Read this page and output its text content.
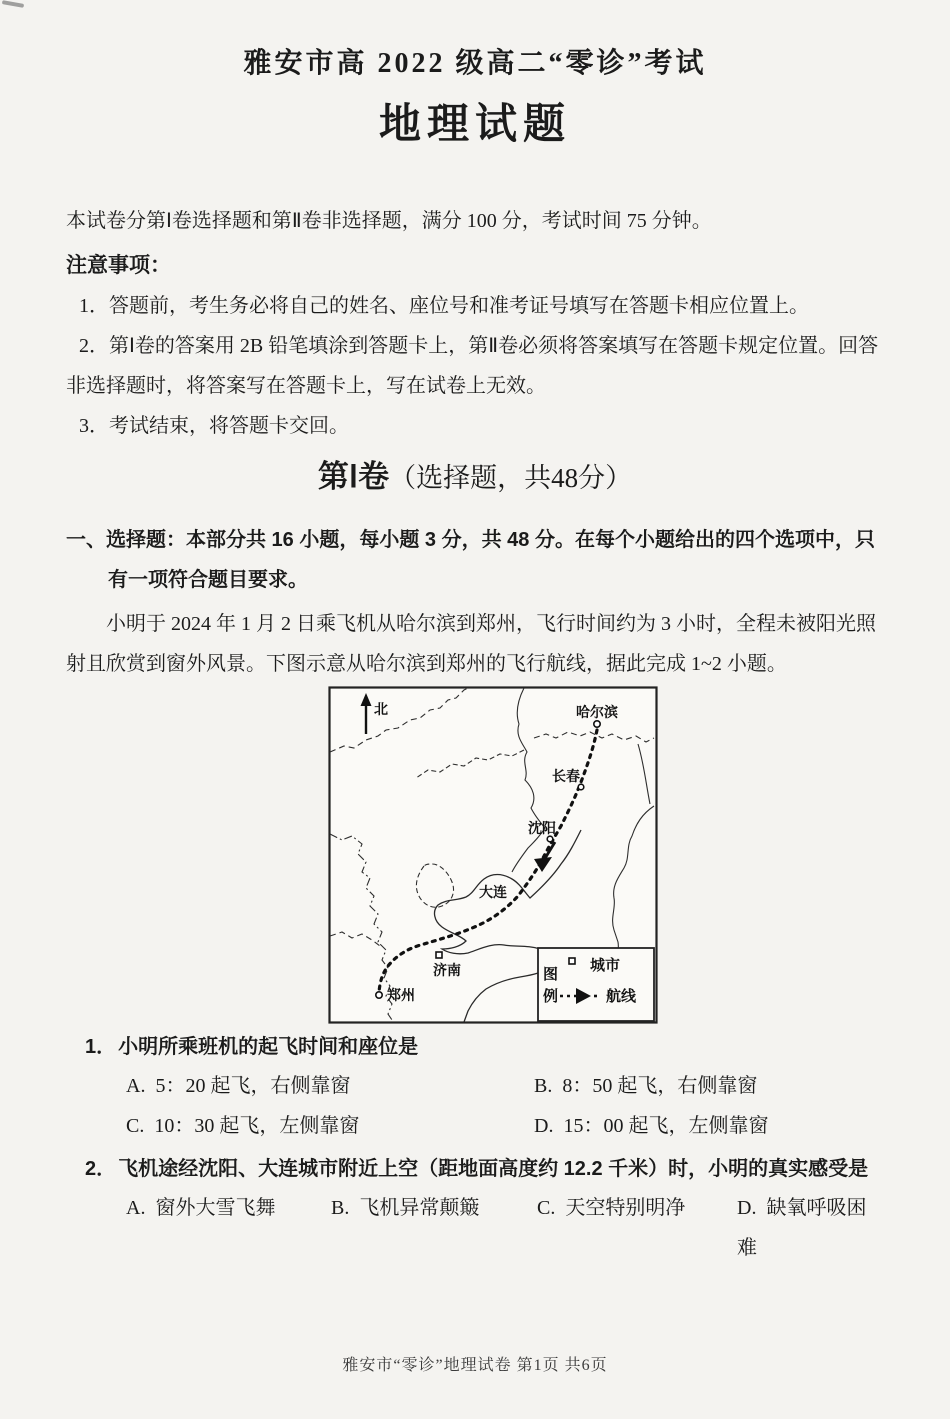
雅安市高 2022 级高二“零诊”考试
地理试题

本试卷分第Ⅰ卷选择题和第Ⅱ卷非选择题，满分 100 分，考试时间 75 分钟。

注意事项：

1．答题前，考生务必将自己的姓名、座位号和准考证号填写在答题卡相应位置上。

2．第Ⅰ卷的答案用 2B 铅笔填涂到答题卡上，第Ⅱ卷必须将答案填写在答题卡规定位置。回答非选择题时，将答案写在答题卡上，写在试卷上无效。

3．考试结束，将答题卡交回。

第Ⅰ卷（选择题，共48分）

一、选择题：本部分共 16 小题，每小题 3 分，共 48 分。在每个小题给出的四个选项中，只有一项符合题目要求。

小明于 2024 年 1 月 2 日乘飞机从哈尔滨到郑州，飞行时间约为 3 小时，全程未被阳光照射且欣赏到窗外风景。下图示意从哈尔滨到郑州的飞行航线，据此完成 1~2 小题。

北	哈尔滨
长春
沈阳
大连
济南
郑州
图
例
城市
航线

1． 小明所乘班机的起飞时间和座位是

A. 5：20 起飞，右侧靠窗	B. 8：50 起飞，右侧靠窗
C. 10：30 起飞，左侧靠窗	D. 15：00 起飞，左侧靠窗

2． 飞机途经沈阳、大连城市附近上空（距地面高度约 12.2 千米）时，小明的真实感受是

A. 窗外大雪飞舞	B. 飞机异常颠簸	C. 天空特别明净	D. 缺氧呼吸困难
雅安市“零诊”地理试卷 第1页 共6页
